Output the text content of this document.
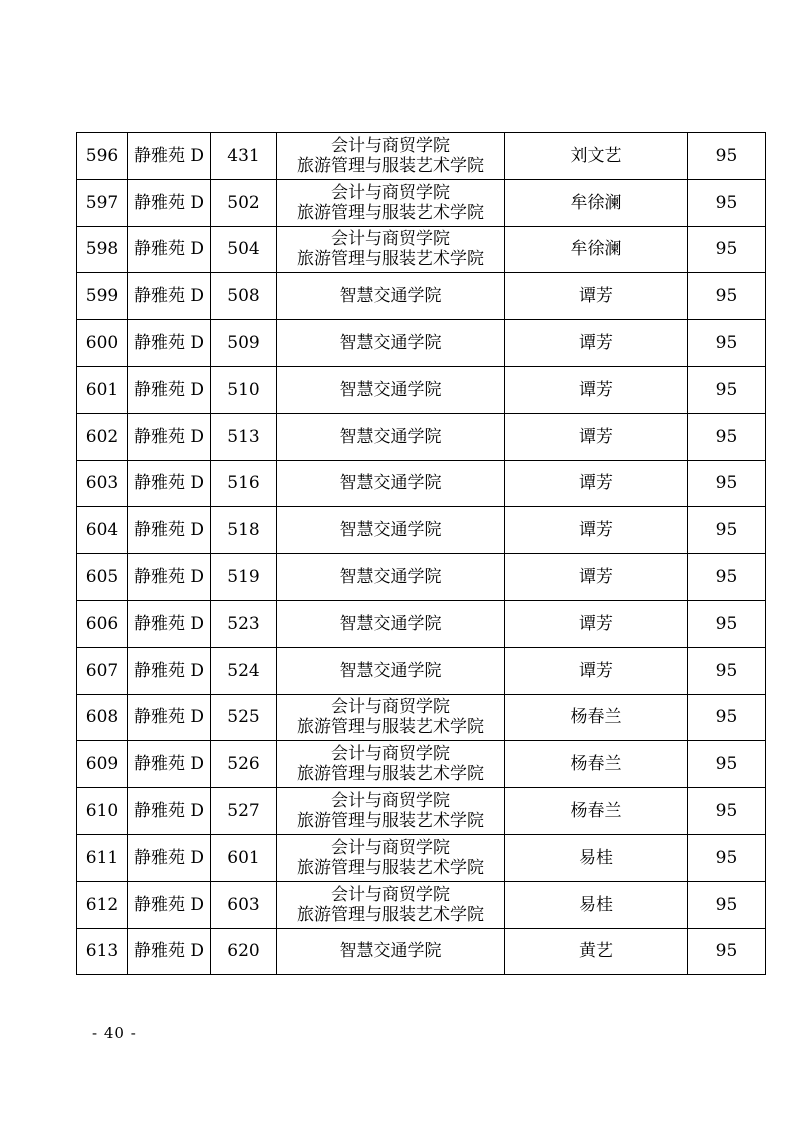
596	静雅苑 D	431	会计与商贸学院
旅游管理与服装艺术学院	刘文艺	95
597	静雅苑 D	502	会计与商贸学院
旅游管理与服装艺术学院	牟徐澜	95
598	静雅苑 D	504	会计与商贸学院
旅游管理与服装艺术学院	牟徐澜	95
599	静雅苑 D	508	智慧交通学院	谭芳	95
600	静雅苑 D	509	智慧交通学院	谭芳	95
601	静雅苑 D	510	智慧交通学院	谭芳	95
602	静雅苑 D	513	智慧交通学院	谭芳	95
603	静雅苑 D	516	智慧交通学院	谭芳	95
604	静雅苑 D	518	智慧交通学院	谭芳	95
605	静雅苑 D	519	智慧交通学院	谭芳	95
606	静雅苑 D	523	智慧交通学院	谭芳	95
607	静雅苑 D	524	智慧交通学院	谭芳	95
608	静雅苑 D	525	会计与商贸学院
旅游管理与服装艺术学院	杨春兰	95
609	静雅苑 D	526	会计与商贸学院
旅游管理与服装艺术学院	杨春兰	95
610	静雅苑 D	527	会计与商贸学院
旅游管理与服装艺术学院	杨春兰	95
611	静雅苑 D	601	会计与商贸学院
旅游管理与服装艺术学院	易桂	95
612	静雅苑 D	603	会计与商贸学院
旅游管理与服装艺术学院	易桂	95
613	静雅苑 D	620	智慧交通学院	黄艺	95
- 40 -
